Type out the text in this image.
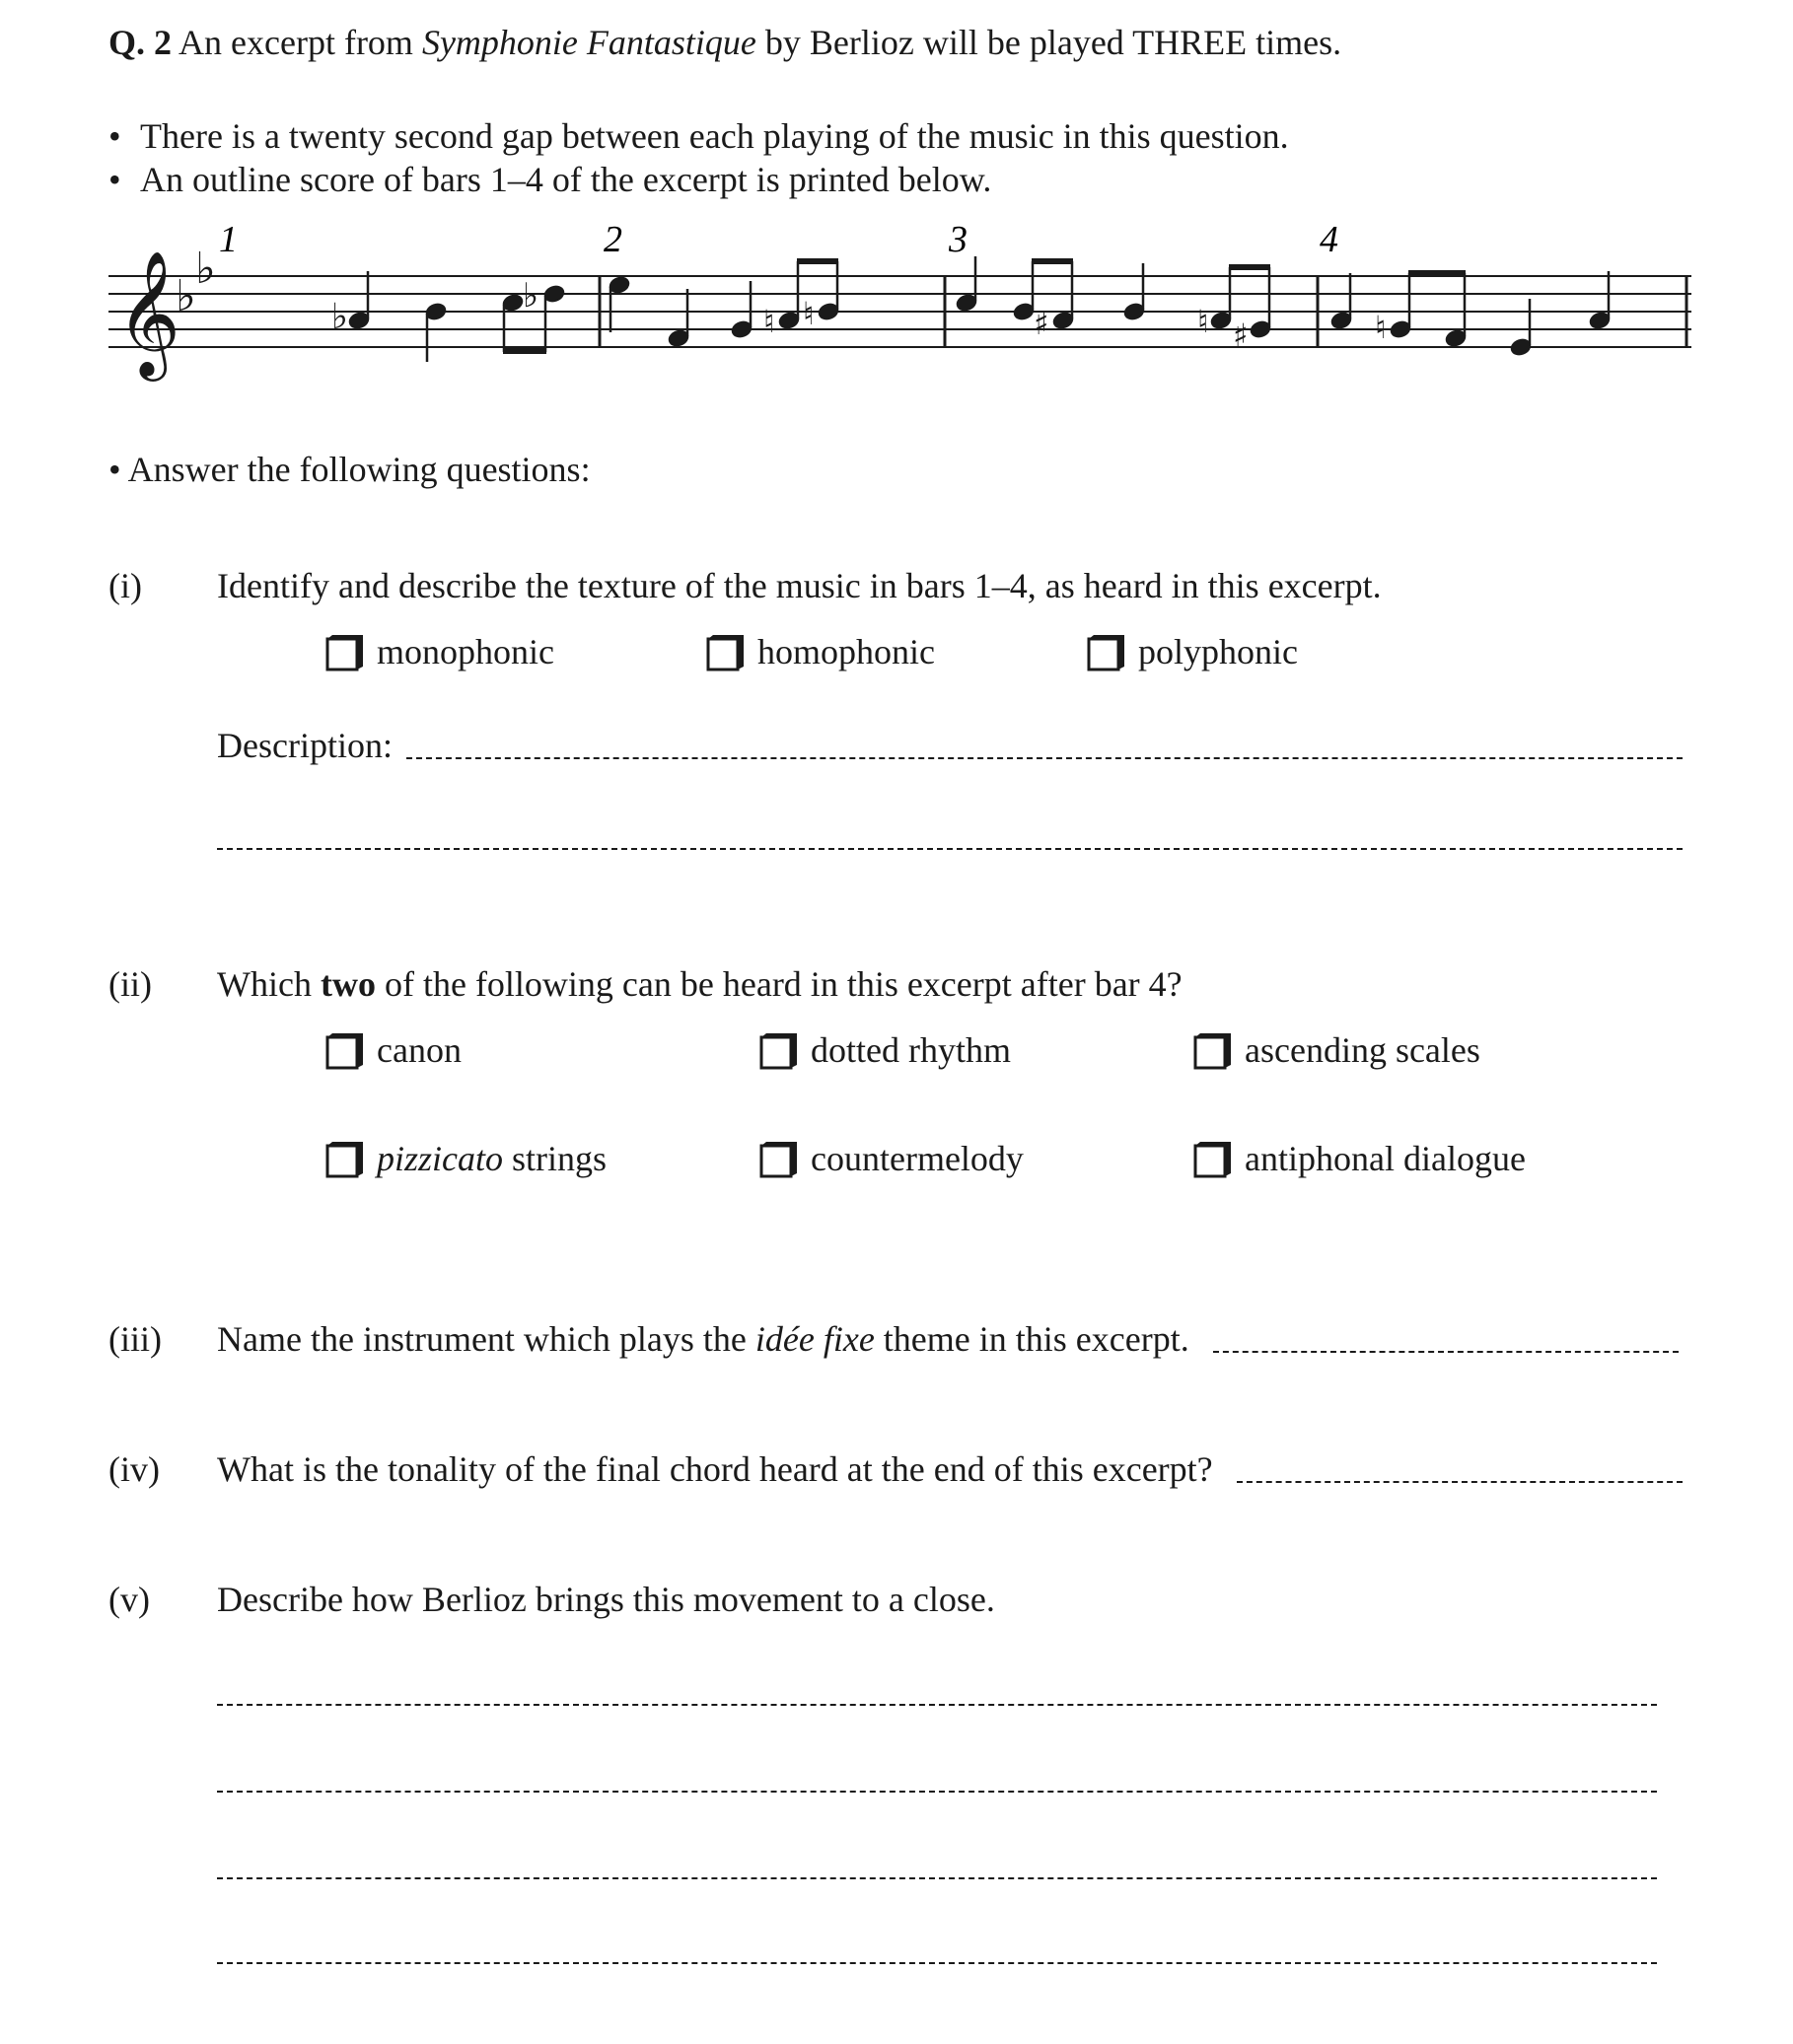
Q. 2 An excerpt from Symphonie Fantastique by Berlioz will be played THREE times.
• There is a twenty second gap between each playing of the music in this question.
• An outline score of bars 1–4 of the excerpt is printed below.
1	2	3	4
𝄞
♭
♭
♭
♭
♮ ♮	♯	♮ ♯	♮
• Answer the following questions:
(i) Identify and describe the texture of the music in bars 1–4, as heard in this excerpt.
monophonic	homophonic	polyphonic
Description:
(ii) Which two of the following can be heard in this excerpt after bar 4?
canon	dotted rhythm	ascending scales
pizzicato strings	countermelody	antiphonal dialogue
(iii) Name the instrument which plays the idée fixe theme in this excerpt.
(iv) What is the tonality of the final chord heard at the end of this excerpt?
(v) Describe how Berlioz brings this movement to a close.
